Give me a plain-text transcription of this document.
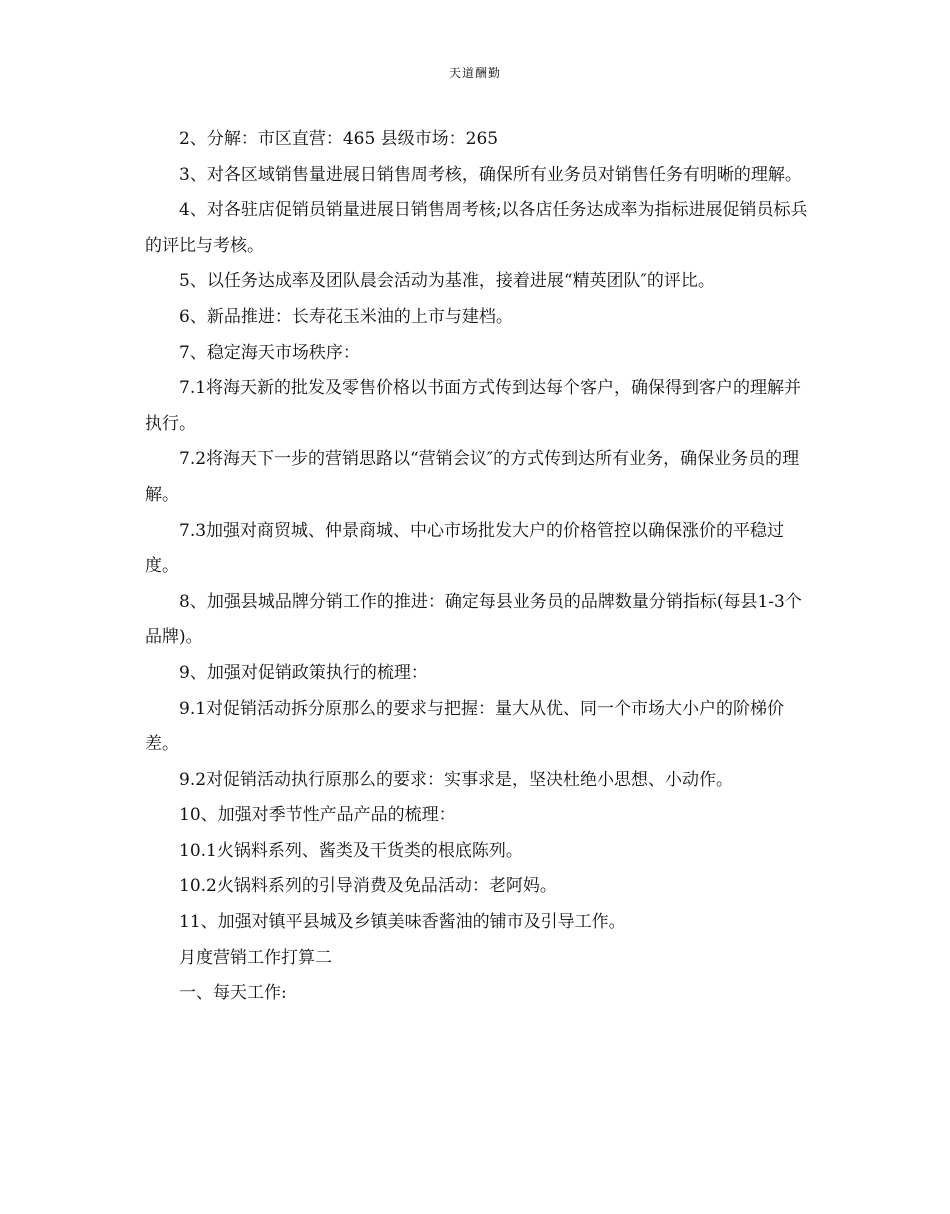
天道酬勤

2、分解：市区直营：465 县级市场：265

3、对各区域销售量进展日销售周考核，确保所有业务员对销售任务有明晰的理解。

4、对各驻店促销员销量进展日销售周考核;以各店任务达成率为指标进展促销员标兵的评比与考核。

5、以任务达成率及团队晨会活动为基准，接着进展“精英团队″的评比。

6、新品推进：长寿花玉米油的上市与建档。

7、稳定海天市场秩序：

7.1将海天新的批发及零售价格以书面方式传到达每个客户，确保得到客户的理解并执行。

7.2将海天下一步的营销思路以“营销会议″的方式传到达所有业务，确保业务员的理解。

7.3加强对商贸城、仲景商城、中心市场批发大户的价格管控以确保涨价的平稳过度。

8、加强县城品牌分销工作的推进：确定每县业务员的品牌数量分销指标(每县1-3个品牌)。

9、加强对促销政策执行的梳理：

9.1对促销活动拆分原那么的要求与把握：量大从优、同一个市场大小户的阶梯价差。

9.2对促销活动执行原那么的要求：实事求是，坚决杜绝小思想、小动作。

10、加强对季节性产品产品的梳理：

10.1火锅料系列、酱类及干货类的根底陈列。

10.2火锅料系列的引导消费及免品活动：老阿妈。

11、加强对镇平县城及乡镇美味香酱油的铺市及引导工作。

月度营销工作打算二

一、每天工作:
